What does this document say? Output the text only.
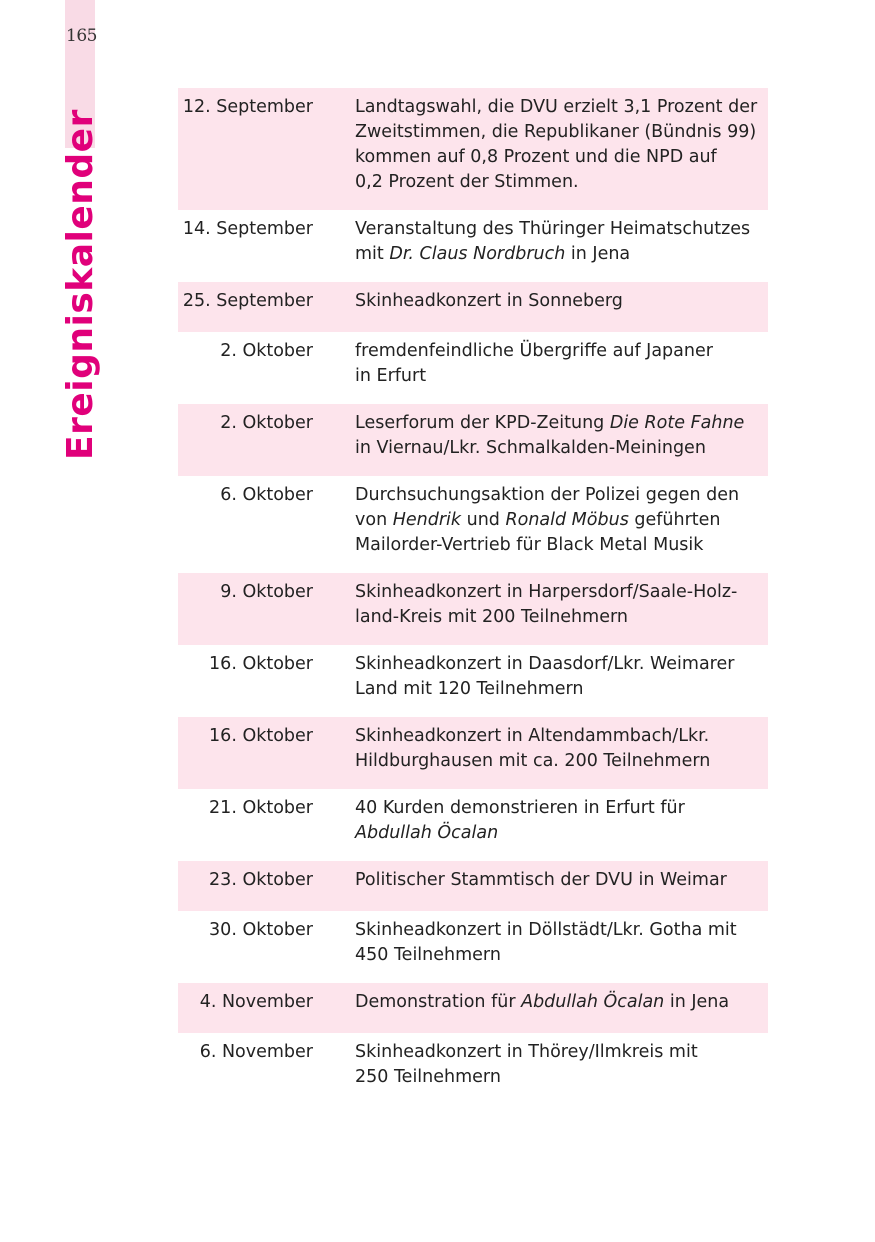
165
Ereigniskalender
12. September Landtagswahl, die DVU erzielt 3,1 Prozent der
Zweitstimmen, die Republikaner (Bündnis 99)
kommen auf 0,8 Prozent und die NPD auf
0,2 Prozent der Stimmen.
14. September Veranstaltung des Thüringer Heimatschutzes
mit Dr. Claus Nordbruch in Jena
25. September Skinheadkonzert in Sonneberg
2. Oktober fremdenfeindliche Übergriffe auf Japaner
in Erfurt
2. Oktober Leserforum der KPD-Zeitung Die Rote Fahne
in Viernau/Lkr. Schmalkalden-Meiningen
6. Oktober Durchsuchungsaktion der Polizei gegen den
von Hendrik und Ronald Möbus geführten
Mailorder-Vertrieb für Black Metal Musik
9. Oktober Skinheadkonzert in Harpersdorf/Saale-Holz-
land-Kreis mit 200 Teilnehmern
16. Oktober Skinheadkonzert in Daasdorf/Lkr. Weimarer
Land mit 120 Teilnehmern
16. Oktober Skinheadkonzert in Altendammbach/Lkr.
Hildburghausen mit ca. 200 Teilnehmern
21. Oktober 40 Kurden demonstrieren in Erfurt für
Abdullah Öcalan
23. Oktober Politischer Stammtisch der DVU in Weimar
30. Oktober Skinheadkonzert in Döllstädt/Lkr. Gotha mit
450 Teilnehmern
4. November Demonstration für Abdullah Öcalan in Jena
6. November Skinheadkonzert in Thörey/Ilmkreis mit
250 Teilnehmern
